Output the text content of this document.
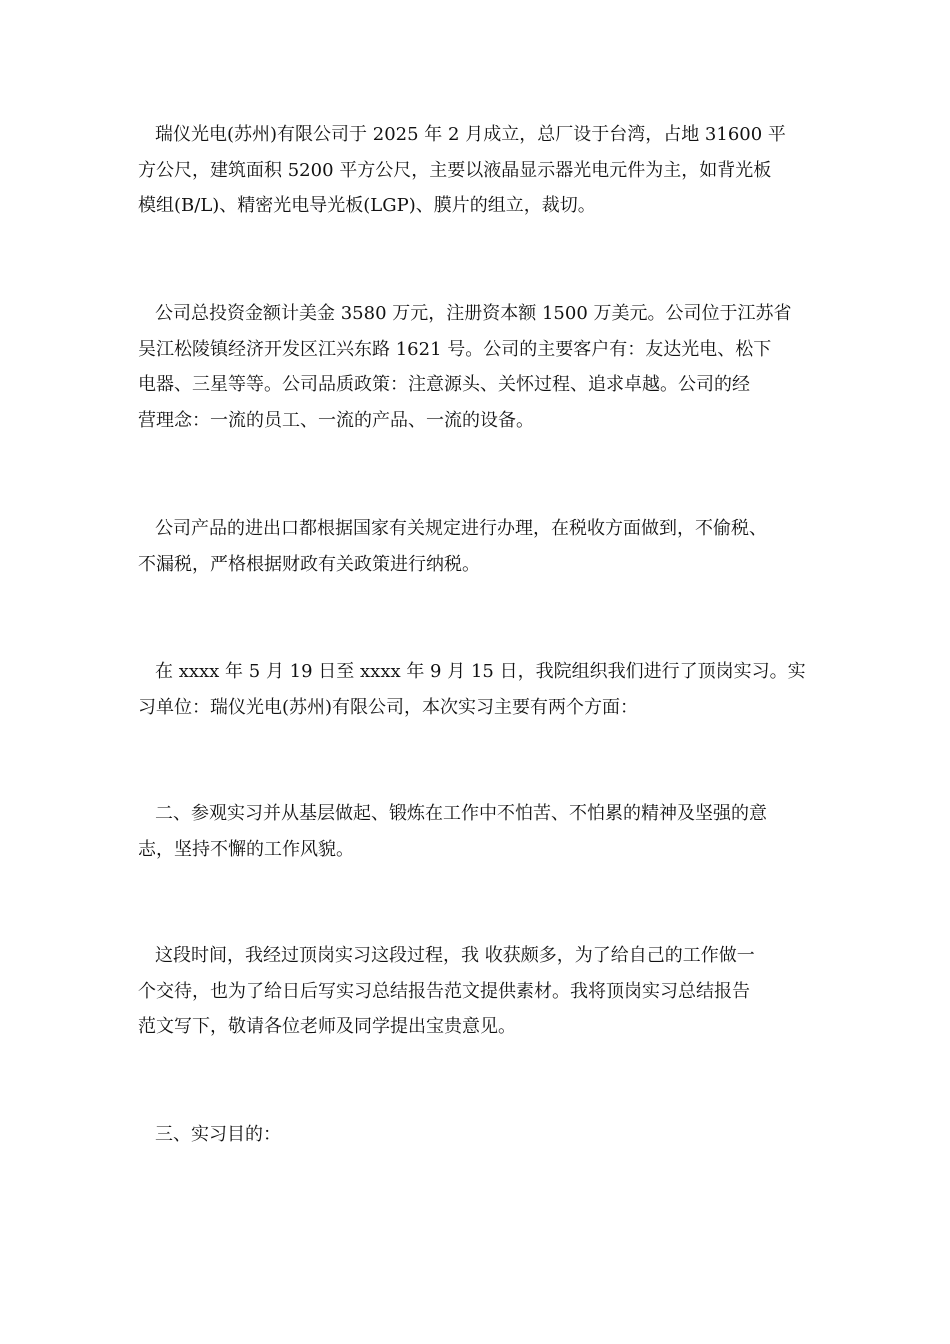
瑞仪光电(苏州)有限公司于 2025 年 2 月成立，总厂设于台湾，占地 31600 平
方公尺，建筑面积 5200 平方公尺，主要以液晶显示器光电元件为主，如背光板
模组(B/L)、精密光电导光板(LGP)、膜片的组立，裁切。
公司总投资金额计美金 3580 万元，注册资本额 1500 万美元。公司位于江苏省
吴江松陵镇经济开发区江兴东路 1621 号。公司的主要客户有：友达光电、松下
电器、三星等等。公司品质政策：注意源头、关怀过程、追求卓越。公司的经
营理念：一流的员工、一流的产品、一流的设备。
公司产品的进出口都根据国家有关规定进行办理，在税收方面做到，不偷税、
不漏税，严格根据财政有关政策进行纳税。
在 xxxx 年 5 月 19 日至 xxxx 年 9 月 15 日，我院组织我们进行了顶岗实习。实
习单位：瑞仪光电(苏州)有限公司，本次实习主要有两个方面：
二、参观实习并从基层做起、锻炼在工作中不怕苦、不怕累的精神及坚强的意
志，坚持不懈的工作风貌。
这段时间，我经过顶岗实习这段过程，我 收获颇多，为了给自己的工作做一
个交待，也为了给日后写实习总结报告范文提供素材。我将顶岗实习总结报告
范文写下，敬请各位老师及同学提出宝贵意见。
三、实习目的：
